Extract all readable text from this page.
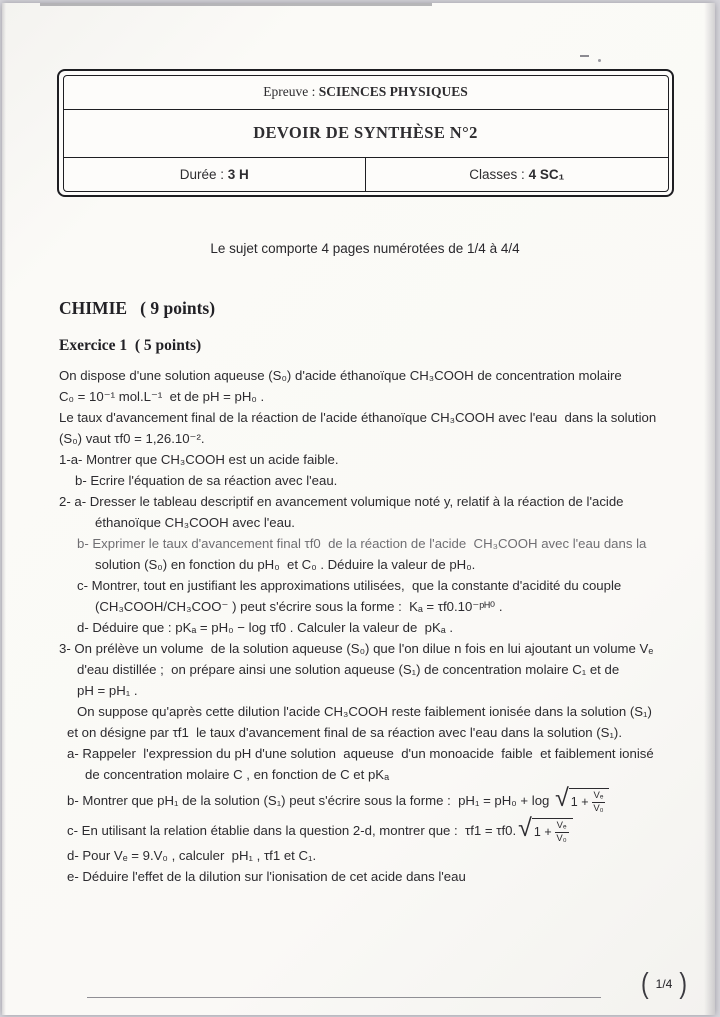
Epreuve : SCIENCES PHYSIQUES
DEVOIR DE SYNTHÈSE N°2
Durée : 3 H	Classes : 4 SC₁
Le sujet comporte 4 pages numérotées de 1/4 à 4/4
CHIMIE   ( 9 points)
Exercice 1  ( 5 points)
On dispose d'une solution aqueuse (S₀) d'acide éthanoïque CH₃COOH de concentration molaire
C₀ = 10⁻¹ mol.L⁻¹  et de pH = pH₀ .
Le taux d'avancement final de la réaction de l'acide éthanoïque CH₃COOH avec l'eau  dans la solution
(S₀) vaut τf0 = 1,26.10⁻².
1-a- Montrer que CH₃COOH est un acide faible.
b- Ecrire l'équation de sa réaction avec l'eau.
2- a- Dresser le tableau descriptif en avancement volumique noté y, relatif à la réaction de l'acide
éthanoïque CH₃COOH avec l'eau.
b- Exprimer le taux d'avancement final τf0  de la réaction de l'acide  CH₃COOH avec l'eau dans la
solution (S₀) en fonction du pH₀  et C₀ . Déduire la valeur de pH₀.
c- Montrer, tout en justifiant les approximations utilisées,  que la constante d'acidité du couple
(CH₃COOH/CH₃COO⁻ ) peut s'écrire sous la forme :  Kₐ = τf0.10⁻ᵖᴴ⁰ .
d- Déduire que : pKₐ = pH₀ − log τf0 . Calculer la valeur de  pKₐ .
3- On prélève un volume  de la solution aqueuse (S₀) que l'on dilue n fois en lui ajoutant un volume Vₑ
d'eau distillée ;  on prépare ainsi une solution aqueuse (S₁) de concentration molaire C₁ et de
pH = pH₁ .
On suppose qu'après cette dilution l'acide CH₃COOH reste faiblement ionisée dans la solution (S₁)
et on désigne par τf1  le taux d'avancement final de sa réaction avec l'eau dans la solution (S₁).
a- Rappeler  l'expression du pH d'une solution  aqueuse  d'un monoacide  faible  et faiblement ionisé
de concentration molaire C , en fonction de C et pKₐ
b- Montrer que pH₁ de la solution (S₁) peut s'écrire sous la forme :  pH₁ = pH₀ + log √ $1 + \frac{\text{Vₑ}}{\text{V₀}}$
c- En utilisant la relation établie dans la question 2-d, montrer que :  τf1 = τf0. √ $1 + \frac{\text{Vₑ}}{\text{V₀}}$
d- Pour Vₑ = 9.V₀ , calculer  pH₁ , τf1 et C₁.
e- Déduire l'effet de la dilution sur l'ionisation de cet acide dans l'eau
(
1/4
)
